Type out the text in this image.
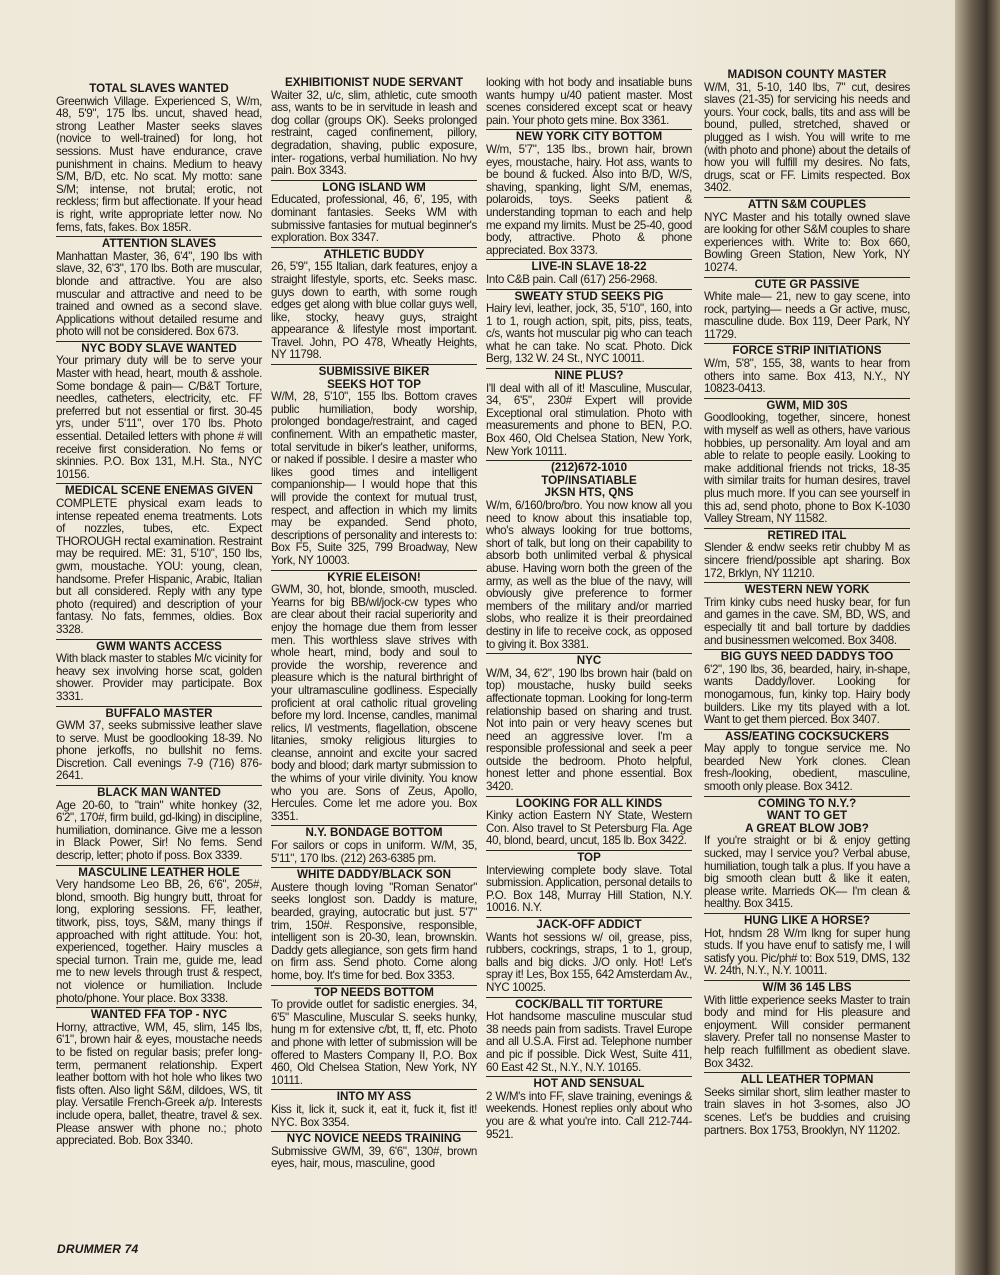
TOTAL SLAVES WANTED
Greenwich Village. Experienced S, W/m, 48, 5'9", 175 lbs. uncut, shaved head, strong Leather Master seeks slaves (novice to well-trained) for long, hot sessions. Must have endurance, crave punishment in chains. Medium to heavy S/M, B/D, etc. No scat. My motto: sane S/M; intense, not brutal; erotic, not reckless; firm but affectionate. If your head is right, write appropriate letter now. No fems, fats, fakes. Box 185R.
ATTENTION SLAVES
Manhattan Master, 36, 6'4", 190 lbs with slave, 32, 6'3", 170 lbs. Both are muscular, blonde and attractive. You are also muscular and attractive and need to be trained and owned as a second slave. Applications without detailed resume and photo will not be considered. Box 673.
NYC BODY SLAVE WANTED
Your primary duty will be to serve your Master with head, heart, mouth & asshole. Some bondage & pain— C/B&T Torture, needles, catheters, electricity, etc. FF preferred but not essential or first. 30-45 yrs, under 5'11", over 170 lbs. Photo essential. Detailed letters with phone # will receive first consideration. No fems or skinnies. P.O. Box 131, M.H. Sta., NYC 10156.
MEDICAL SCENE ENEMAS GIVEN
COMPLETE physical exam leads to intense repeated enema treatments. Lots of nozzles, tubes, etc. Expect THOROUGH rectal examination. Restraint may be required. ME: 31, 5'10", 150 lbs, gwm, moustache. YOU: young, clean, handsome. Prefer Hispanic, Arabic, Italian but all considered. Reply with any type photo (required) and description of your fantasy. No fats, femmes, oldies. Box 3328.
GWM WANTS ACCESS
With black master to stables M/c vicinity for heavy sex involving horse scat, golden shower. Provider may participate. Box 3331.
BUFFALO MASTER
GWM 37, seeks submissive leather slave to serve. Must be goodlooking 18-39. No phone jerkoffs, no bullshit no fems. Discretion. Call evenings 7-9 (716) 876-2641.
BLACK MAN WANTED
Age 20-60, to "train" white honkey (32, 6'2", 170#, firm build, gd-lking) in discipline, humiliation, dominance. Give me a lesson in Black Power, Sir! No fems. Send descrip, letter; photo if poss. Box 3339.
MASCULINE LEATHER HOLE
Very handsome Leo BB, 26, 6'6", 205#, blond, smooth. Big hungry butt, throat for long, exploring sessions. FF, leather, titwork, piss, toys, S&M, many things if approached with right attitude. You: hot, experienced, together. Hairy muscles a special turnon. Train me, guide me, lead me to new levels through trust & respect, not violence or humiliation. Include photo/phone. Your place. Box 3338.
WANTED FFA TOP - NYC
Horny, attractive, WM, 45, slim, 145 lbs, 6'1", brown hair & eyes, moustache needs to be fisted on regular basis; prefer long-term, permanent relationship. Expert leather bottom with hot hole who likes two fists often. Also light S&M, dildoes, WS, tit play. Versatile French-Greek a/p. Interests include opera, ballet, theatre, travel & sex. Please answer with phone no.; photo appreciated. Bob. Box 3340.
EXHIBITIONIST NUDE SERVANT
Waiter 32, u/c, slim, athletic, cute smooth ass, wants to be in servitude in leash and dog collar (groups OK). Seeks prolonged restraint, caged confinement, pillory, degradation, shaving, public exposure, inter- rogations, verbal humiliation. No hvy pain. Box 3343.
LONG ISLAND WM
Educated, professional, 46, 6', 195, with dominant fantasies. Seeks WM with submissive fantasies for mutual beginner's exploration. Box 3347.
ATHLETIC BUDDY
26, 5'9", 155 Italian, dark features, enjoy a straight lifestyle, sports, etc. Seeks masc. guys down to earth, with some rough edges get along with blue collar guys well, like, stocky, heavy guys, straight appearance & lifestyle most important. Travel. John, PO 478, Wheatly Heights, NY 11798.
SUBMISSIVE BIKER
SEEKS HOT TOP
W/M, 28, 5'10", 155 lbs. Bottom craves public humiliation, body worship, prolonged bondage/restraint, and caged confinement. With an empathetic master, total servitude in biker's leather, uniforms, or naked if possible. I desire a master who likes good times and intelligent companionship— I would hope that this will provide the context for mutual trust, respect, and affection in which my limits may be expanded. Send photo, descriptions of personality and interests to: Box F5, Suite 325, 799 Broadway, New York, NY 10003.
KYRIE ELEISON!
GWM, 30, hot, blonde, smooth, muscled. Yearns for big BB/wl/jock-cw types who are clear about their racial superiority and enjoy the homage due them from lesser men. This worthless slave strives with whole heart, mind, body and soul to provide the worship, reverence and pleasure which is the natural birthright of your ultramasculine godliness. Especially proficient at oral catholic ritual groveling before my lord. Incense, candles, manimal relics, l/l vestments, flagellation, obscene litanies, smoky religious liturgies to cleanse, annoint and excite your sacred body and blood; dark martyr submission to the whims of your virile divinity. You know who you are. Sons of Zeus, Apollo, Hercules. Come let me adore you. Box 3351.
N.Y. BONDAGE BOTTOM
For sailors or cops in uniform. W/M, 35, 5'11", 170 lbs. (212) 263-6385 pm.
WHITE DADDY/BLACK SON
Austere though loving "Roman Senator" seeks longlost son. Daddy is mature, bearded, graying, autocratic but just. 5'7" trim, 150#. Responsive, responsible, intelligent son is 20-30, lean, brownskin. Daddy gets allegiance, son gets firm hand on firm ass. Send photo. Come along home, boy. It's time for bed. Box 3353.
TOP NEEDS BOTTOM
To provide outlet for sadistic energies. 34, 6'5" Masculine, Muscular S. seeks hunky, hung m for extensive c/bt, tt, ff, etc. Photo and phone with letter of submission will be offered to Masters Company II, P.O. Box 460, Old Chelsea Station, New York, NY 10111.
INTO MY ASS
Kiss it, lick it, suck it, eat it, fuck it, fist it! NYC. Box 3354.
NYC NOVICE NEEDS TRAINING
Submissive GWM, 39, 6'6", 130#, brown eyes, hair, mous, masculine, good
looking with hot body and insatiable buns wants humpy u/40 patient master. Most scenes considered except scat or heavy pain. Your photo gets mine. Box 3361.
NEW YORK CITY BOTTOM
W/m, 5'7", 135 lbs., brown hair, brown eyes, moustache, hairy. Hot ass, wants to be bound & fucked. Also into B/D, W/S, shaving, spanking, light S/M, enemas, polaroids, toys. Seeks patient & understanding topman to each and help me expand my limits. Must be 25-40, good body, attractive. Photo & phone appreciated. Box 3373.
LIVE-IN SLAVE 18-22
Into C&B pain. Call (617) 256-2968.
SWEATY STUD SEEKS PIG
Hairy levi, leather, jock, 35, 5'10", 160, into 1 to 1, rough action, spit, pits, piss, teats, c/s, wants hot muscular pig who can teach what he can take. No scat. Photo. Dick Berg, 132 W. 24 St., NYC 10011.
NINE PLUS?
I'll deal with all of it! Masculine, Muscular, 34, 6'5", 230# Expert will provide Exceptional oral stimulation. Photo with measurements and phone to BEN, P.O. Box 460, Old Chelsea Station, New York, New York 10111.
(212)672-1010
TOP/INSATIABLE
JKSN HTS, QNS
W/m, 6/160/bro/bro. You now know all you need to know about this insatiable top, who's always looking for true bottoms, short of talk, but long on their capability to absorb both unlimited verbal & physical abuse. Having worn both the green of the army, as well as the blue of the navy, will obviously give preference to former members of the military and/or married slobs, who realize it is their preordained destiny in life to receive cock, as opposed to giving it. Box 3381.
NYC
W/M, 34, 6'2", 190 lbs brown hair (bald on top) moustache, husky build seeks affectionate topman. Looking for long-term relationship based on sharing and trust. Not into pain or very heavy scenes but need an aggressive lover. I'm a responsible professional and seek a peer outside the bedroom. Photo helpful, honest letter and phone essential. Box 3420.
LOOKING FOR ALL KINDS
Kinky action Eastern NY State, Western Con. Also travel to St Petersburg Fla. Age 40, blond, beard, uncut, 185 lb. Box 3422.
TOP
Interviewing complete body slave. Total submission. Application, personal details to P.O. Box 148, Murray Hill Station, N.Y. 10016. N.Y.
JACK-OFF ADDICT
Wants hot sessions w/ oil, grease, piss, rubbers, cockrings, straps, 1 to 1, group, balls and big dicks. J/O only. Hot! Let's spray it! Les, Box 155, 642 Amsterdam Av., NYC 10025.
COCK/BALL TIT TORTURE
Hot handsome masculine muscular stud 38 needs pain from sadists. Travel Europe and all U.S.A. First ad. Telephone number and pic if possible. Dick West, Suite 411, 60 East 42 St., N.Y., N.Y. 10165.
HOT AND SENSUAL
2 W/M's into FF, slave training, evenings & weekends. Honest replies only about who you are & what you're into. Call 212-744-9521.
MADISON COUNTY MASTER
W/M, 31, 5-10, 140 lbs, 7" cut, desires slaves (21-35) for servicing his needs and yours. Your cock, balls, tits and ass will be bound, pulled, stretched, shaved or plugged as I wish. You will write to me (with photo and phone) about the details of how you will fulfill my desires. No fats, drugs, scat or FF. Limits respected. Box 3402.
ATTN S&M COUPLES
NYC Master and his totally owned slave are looking for other S&M couples to share experiences with. Write to: Box 660, Bowling Green Station, New York, NY 10274.
CUTE GR PASSIVE
White male— 21, new to gay scene, into rock, partying— needs a Gr active, musc, masculine dude. Box 119, Deer Park, NY 11729.
FORCE STRIP INITIATIONS
W/m, 5'8", 155, 38, wants to hear from others into same. Box 413, N.Y., NY 10823-0413.
GWM, MID 30S
Goodlooking, together, sincere, honest with myself as well as others, have various hobbies, up personality. Am loyal and am able to relate to people easily. Looking to make additional friends not tricks, 18-35 with similar traits for human desires, travel plus much more. If you can see yourself in this ad, send photo, phone to Box K-1030 Valley Stream, NY 11582.
RETIRED ITAL
Slender & endw seeks retir chubby M as sincere friend/possible apt sharing. Box 172, Brklyn, NY 11210.
WESTERN NEW YORK
Trim kinky cubs need husky bear, for fun and games in the cave. SM, BD, WS, and especially tit and ball torture by daddies and businessmen welcomed. Box 3408.
BIG GUYS NEED DADDYS TOO
6'2", 190 lbs, 36, bearded, hairy, in-shape, wants Daddy/lover. Looking for monogamous, fun, kinky top. Hairy body builders. Like my tits played with a lot. Want to get them pierced. Box 3407.
ASS/EATING COCKSUCKERS
May apply to tongue service me. No bearded New York clones. Clean fresh-/looking, obedient, masculine, smooth only please. Box 3412.
COMING TO N.Y.?
WANT TO GET
A GREAT BLOW JOB?
If you're straight or bi & enjoy getting sucked, may I service you? Verbal abuse, humiliation, tough talk a plus. If you have a big smooth clean butt & like it eaten, please write. Marrieds OK— I'm clean & healthy. Box 3415.
HUNG LIKE A HORSE?
Hot, hndsm 28 W/m lkng for super hung studs. If you have enuf to satisfy me, I will satisfy you. Pic/ph# to: Box 519, DMS, 132 W. 24th, N.Y., N.Y. 10011.
W/M 36 145 LBS
With little experience seeks Master to train body and mind for His pleasure and enjoyment. Will consider permanent slavery. Prefer tall no nonsense Master to help reach fulfillment as obedient slave. Box 3432.
ALL LEATHER TOPMAN
Seeks similar short, slim leather master to train slaves in hot 3-somes, also JO scenes. Let's be buddies and cruising partners. Box 1753, Brooklyn, NY 11202.
DRUMMER 74
